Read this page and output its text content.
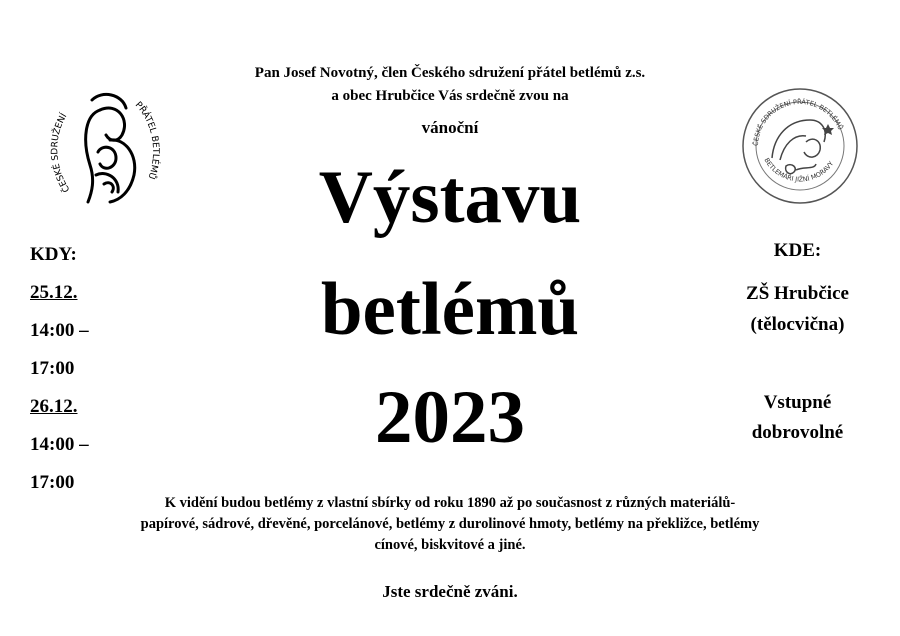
ČESKÉ SDRUŽENÍ
PŘÁTEL BETLÉMŮ
ČESKÉ SDRUŽENÍ PŘÁTEL BETLÉMŮ
BETLEMÁŘI JIŽNÍ MORAVY
Pan Josef Novotný, člen Českého sdružení přátel betlémů z.s.
a obec Hrubčice Vás srdečně zvou na
vánoční
Výstavu
betlémů
2023
KDY:
25.12.
14:00 –
17:00
26.12.
14:00 –
17:00
KDE:
ZŠ Hrubčice
(tělocvična)
Vstupné
dobrovolné
K vidění budou betlémy z vlastní sbírky od roku 1890 až po současnost z různých materiálů-
papírové, sádrové, dřevěné, porcelánové, betlémy z durolinové hmoty, betlémy na překližce, betlémy
cínové, biskvitové a jiné.
Jste srdečně zváni.
